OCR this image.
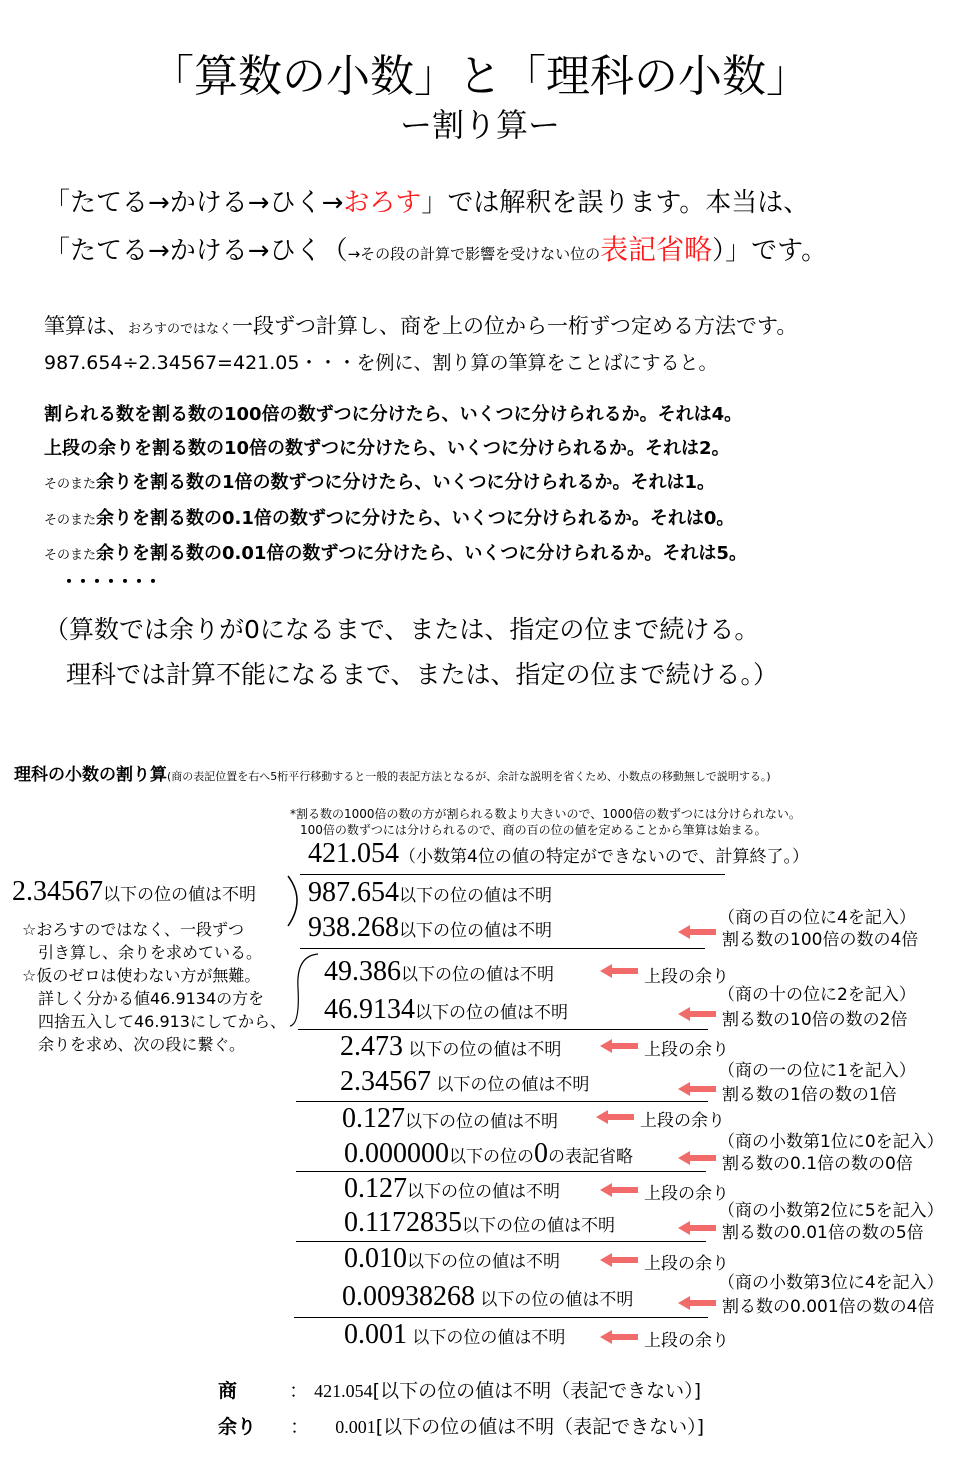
「算数の小数」と「理科の小数」
ー割り算ー
「たてる→かける→ひく→おろす」では解釈を誤ります。本当は、
「たてる→かける→ひく（→その段の計算で影響を受けない位の表記省略）」です。
筆算は、おろすのではなく一段ずつ計算し、商を上の位から一桁ずつ定める方法です。
987.654÷2.34567=421.05・・・を例に、割り算の筆算をことばにすると。
割られる数を割る数の100倍の数ずつに分けたら、いくつに分けられるか。それは4。
上段の余りを割る数の10倍の数ずつに分けたら、いくつに分けられるか。それは2。
そのまた余りを割る数の1倍の数ずつに分けたら、いくつに分けられるか。それは1。
そのまた余りを割る数の0.1倍の数ずつに分けたら、いくつに分けられるか。それは0。
そのまた余りを割る数の0.01倍の数ずつに分けたら、いくつに分けられるか。それは5。
・・・・・・・
（算数では余りが0になるまで、または、指定の位まで続ける。
理科では計算不能になるまで、または、指定の位まで続ける。）
理科の小数の割り算(商の表記位置を右へ5桁平行移動すると一般的表記方法となるが、余計な説明を省くため、小数点の移動無しで説明する。)
*割る数の1000倍の数の方が割られる数より大きいので、1000倍の数ずつには分けられない。
100倍の数ずつには分けられるので、商の百の位の値を定めることから筆算は始まる。
421.054（小数第4位の値の特定ができないので、計算終了。）
2.34567以下の位の値は不明
☆おろすのではなく、一段ずつ
　引き算し、余りを求めている。
☆仮のゼロは使わない方が無難。
　詳しく分かる値46.9134の方を
　四捨五入して46.913にしてから、
　余りを求め、次の段に繋ぐ。
987.654以下の位の値は不明
938.268以下の位の値は不明
（商の百の位に4を記入）
割る数の100倍の数の4倍
49.386以下の位の値は不明	上段の余り
46.9134以下の位の値は不明
（商の十の位に2を記入）
割る数の10倍の数の2倍
2.473 以下の位の値は不明	上段の余り
2.34567 以下の位の値は不明
（商の一の位に1を記入）
割る数の1倍の数の1倍
0.127以下の位の値は不明	上段の余り
0.000000以下の位の0の表記省略
（商の小数第1位に0を記入）
割る数の0.1倍の数の0倍
0.127以下の位の値は不明	上段の余り
0.1172835以下の位の値は不明
（商の小数第2位に5を記入）
割る数の0.01倍の数の5倍
0.010以下の位の値は不明	上段の余り
0.00938268 以下の位の値は不明
（商の小数第3位に4を記入）
割る数の0.001倍の数の4倍
0.001 以下の位の値は不明	上段の余り
商	： 421.054[以下の位の値は不明（表記できない）]
余り ： 0.001[以下の位の値は不明（表記できない）]
